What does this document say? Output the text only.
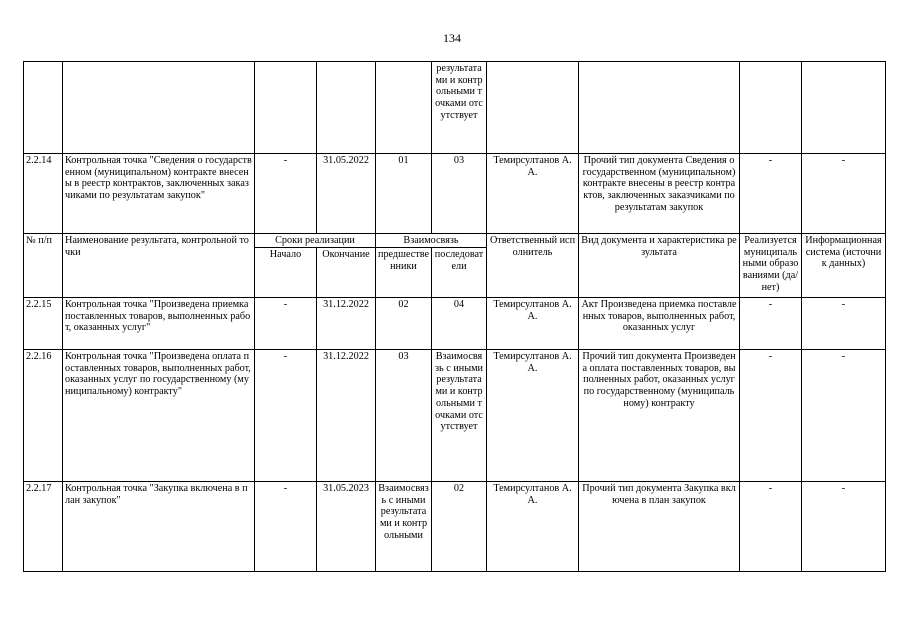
134
					результатами и контрольными точками отсутствует				
2.2.14	Контрольная точка "Сведения о государственном (муниципальном) контракте внесены в реестр контрактов, заключенных заказчиками по результатам закупок"	-	31.05.2022	01	03	Темирсултанов А.А.	Прочий тип документа Сведения о государственном (муниципальном) контракте внесены в реестр контрактов, заключенных заказчиками по результатам закупок	-	-
№ п/п	Наименование результата, контрольной точки	Сроки реализации		Взаимосвязь		Ответственный исполнитель	Вид документа и характеристика результата	Реализуется муниципальными образованиями (да/нет)	Информационная система (источник данных)
		Начало	Окончание	предшественники	последователи				
2.2.15	Контрольная точка "Произведена приемка поставленных товаров, выполненных работ, оказанных услуг"	-	31.12.2022	02	04	Темирсултанов А.А.	Акт Произведена приемка поставленных товаров, выполненных работ, оказанных услуг	-	-
2.2.16	Контрольная точка "Произведена оплата поставленных товаров, выполненных работ, оказанных услуг по государственному (муниципальному) контракту"	-	31.12.2022	03	Взаимосвязь с иными результатами и контрольными точками отсутствует	Темирсултанов А.А.	Прочий тип документа Произведена оплата поставленных товаров, выполненных работ, оказанных услуг по государственному (муниципальному) контракту	-	-
2.2.17	Контрольная точка "Закупка включена в план закупок"	-	31.05.2023	Взаимосвязь с иными результатами и контрольными	02	Темирсултанов А.А.	Прочий тип документа Закупка включена в план закупок	-	-
